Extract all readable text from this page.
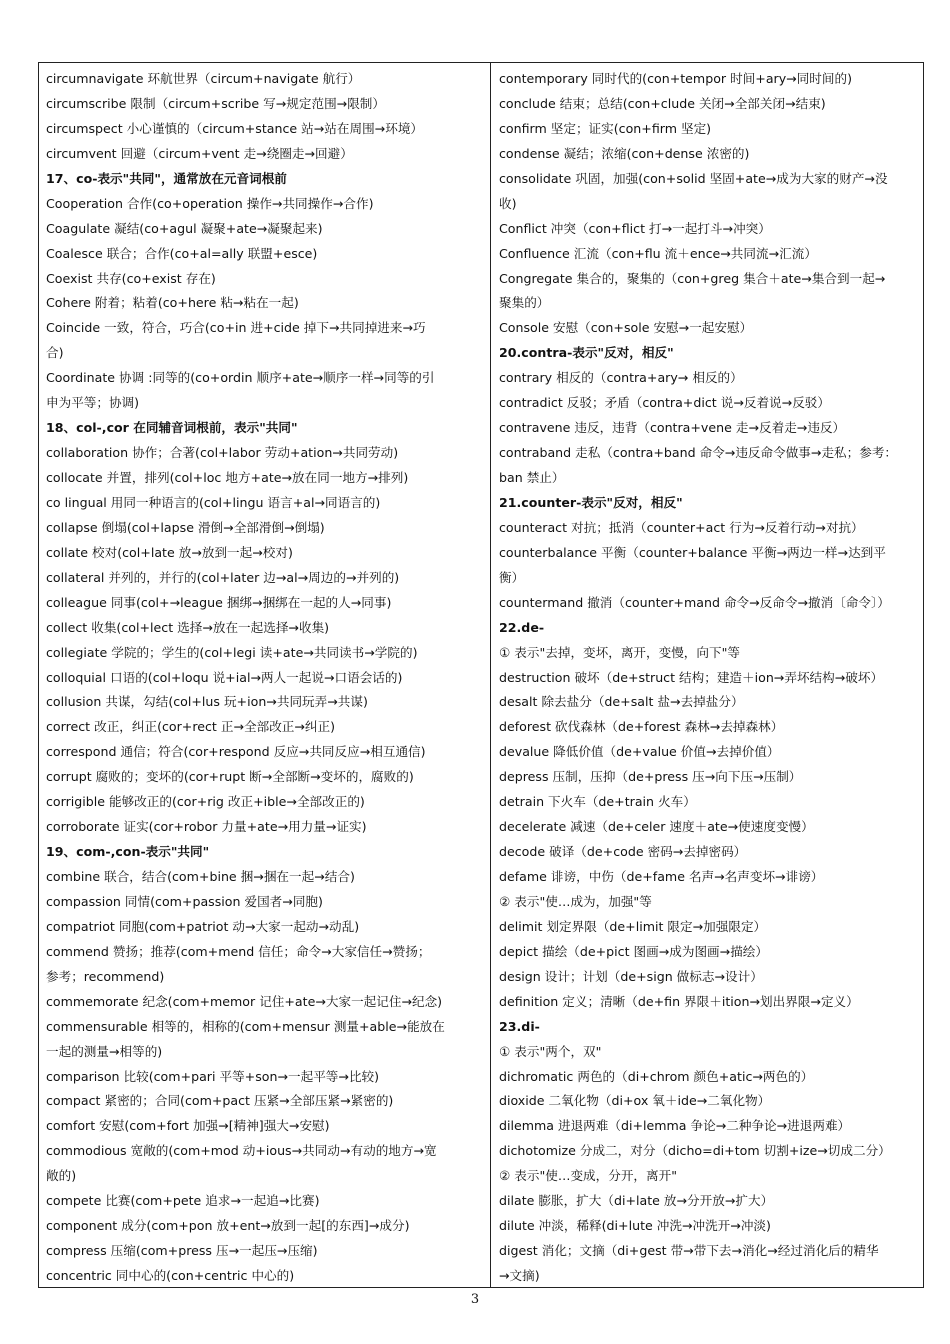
circumnavigate 环航世界（circum+navigate 航行）
circumscribe 限制（circum+scribe 写→规定范围→限制）
circumspect 小心谨慎的（circum+stance 站→站在周围→环境）
circumvent 回避（circum+vent 走→绕圈走→回避）
17、co-表示"共同"，通常放在元音词根前
Cooperation 合作(co+operation 操作→共同操作→合作)
Coagulate 凝结(co+agul 凝聚+ate→凝聚起来)
Coalesce 联合；合作(co+al=ally 联盟+esce)
Coexist 共存(co+exist 存在)
Cohere 附着；粘着(co+here 粘→粘在一起)
Coincide 一致，符合，巧合(co+in 进+cide 掉下→共同掉进来→巧
合)
Coordinate 协调 :同等的(co+ordin 顺序+ate→顺序一样→同等的引
申为平等；协调)
18、col-,cor 在同辅音词根前，表示"共同"
collaboration 协作；合著(col+labor 劳动+ation→共同劳动)
collocate 并置，排列(col+loc 地方+ate→放在同一地方→排列)
co lingual 用同一种语言的(col+lingu 语言+al→同语言的)
collapse 倒塌(col+lapse 滑倒→全部滑倒→倒塌)
collate 校对(col+late 放→放到一起→校对)
collateral 并列的，并行的(col+later 边→al→周边的→并列的)
colleague 同事(col+→league 捆绑→捆绑在一起的人→同事)
collect 收集(col+lect 选择→放在一起选择→收集)
collegiate 学院的；学生的(col+legi 读+ate→共同读书→学院的)
colloquial 口语的(col+loqu 说+ial→两人一起说→口语会话的)
collusion 共谋，勾结(col+lus 玩+ion→共同玩弄→共谋)
correct 改正，纠正(cor+rect 正→全部改正→纠正)
correspond 通信；符合(cor+respond 反应→共同反应→相互通信)
corrupt 腐败的；变坏的(cor+rupt 断→全部断→变坏的，腐败的)
corrigible 能够改正的(cor+rig 改正+ible→全部改正的)
corroborate 证实(cor+robor 力量+ate→用力量→证实)
19、com-,con-表示"共同"
combine 联合，结合(com+bine 捆→捆在一起→结合)
compassion 同情(com+passion 爱国者→同胞)
compatriot 同胞(com+patriot 动→大家一起动→动乱)
commend 赞扬；推荐(com+mend 信任；命令→大家信任→赞扬；
参考；recommend)
commemorate 纪念(com+memor 记住+ate→大家一起记住→纪念)
commensurable 相等的，相称的(com+mensur 测量+able→能放在
一起的测量→相等的)
comparison 比较(com+pari 平等+son→一起平等→比较)
compact 紧密的；合同(com+pact 压紧→全部压紧→紧密的)
comfort 安慰(com+fort 加强→[精神]强大→安慰)
commodious 宽敞的(com+mod 动+ious→共同动→有动的地方→宽
敞的)
compete 比赛(com+pete 追求→一起追→比赛)
component 成分(com+pon 放+ent→放到一起[的东西]→成分)
compress 压缩(com+press 压→一起压→压缩)
concentric 同中心的(con+centric 中心的)
contemporary 同时代的(con+tempor 时间+ary→同时间的)
conclude 结束；总结(con+clude 关闭→全部关闭→结束)
confirm 坚定；证实(con+firm 坚定)
condense 凝结；浓缩(con+dense 浓密的)
consolidate 巩固，加强(con+solid 坚固+ate→成为大家的财产→没
收)
Conflict 冲突（con+flict 打→一起打斗→冲突）
Confluence 汇流（con+flu 流＋ence→共同流→汇流）
Congregate 集合的，聚集的（con+greg 集合＋ate→集合到一起→
聚集的）
Console 安慰（con+sole 安慰→一起安慰）
20.contra-表示"反对，相反"
contrary 相反的（contra+ary→ 相反的）
contradict 反驳；矛盾（contra+dict 说→反着说→反驳）
contravene 违反，违背（contra+vene 走→反着走→违反）
contraband 走私（contra+band 命令→违反命令做事→走私；参考：
ban 禁止）
21.counter-表示"反对，相反"
counteract 对抗；抵消（counter+act 行为→反着行动→对抗）
counterbalance 平衡（counter+balance 平衡→两边一样→达到平
衡）
countermand 撤消（counter+mand 命令→反命令→撤消〔命令〕）
22.de-
① 表示"去掉，变坏，离开，变慢，向下"等
destruction 破坏（de+struct 结构；建造＋ion→弄坏结构→破坏）
desalt 除去盐分（de+salt 盐→去掉盐分）
deforest 砍伐森林（de+forest 森林→去掉森林）
devalue 降低价值（de+value 价值→去掉价值）
depress 压制，压抑（de+press 压→向下压→压制）
detrain 下火车（de+train 火车）
decelerate 减速（de+celer 速度＋ate→使速度变慢）
decode 破译（de+code 密码→去掉密码）
defame 诽谤，中伤（de+fame 名声→名声变坏→诽谤）
② 表示"使…成为，加强"等
delimit 划定界限（de+limit 限定→加强限定）
depict 描绘（de+pict 图画→成为图画→描绘）
design 设计；计划（de+sign 做标志→设计）
definition 定义；清晰（de+fin 界限＋ition→划出界限→定义）
23.di-
① 表示"两个，双"
dichromatic 两色的（di+chrom 颜色+atic→两色的）
dioxide 二氧化物（di+ox 氧＋ide→二氧化物）
dilemma 进退两难（di+lemma 争论→二种争论→进退两难）
dichotomize 分成二，对分（dicho=di+tom 切割+ize→切成二分）
② 表示"使…变成，分开，离开"
dilate 膨胀，扩大（di+late 放→分开放→扩大）
dilute 冲淡，稀释(di+lute 冲洗→冲洗开→冲淡)
digest 消化；文摘（di+gest 带→带下去→消化→经过消化后的精华
→文摘)
3
